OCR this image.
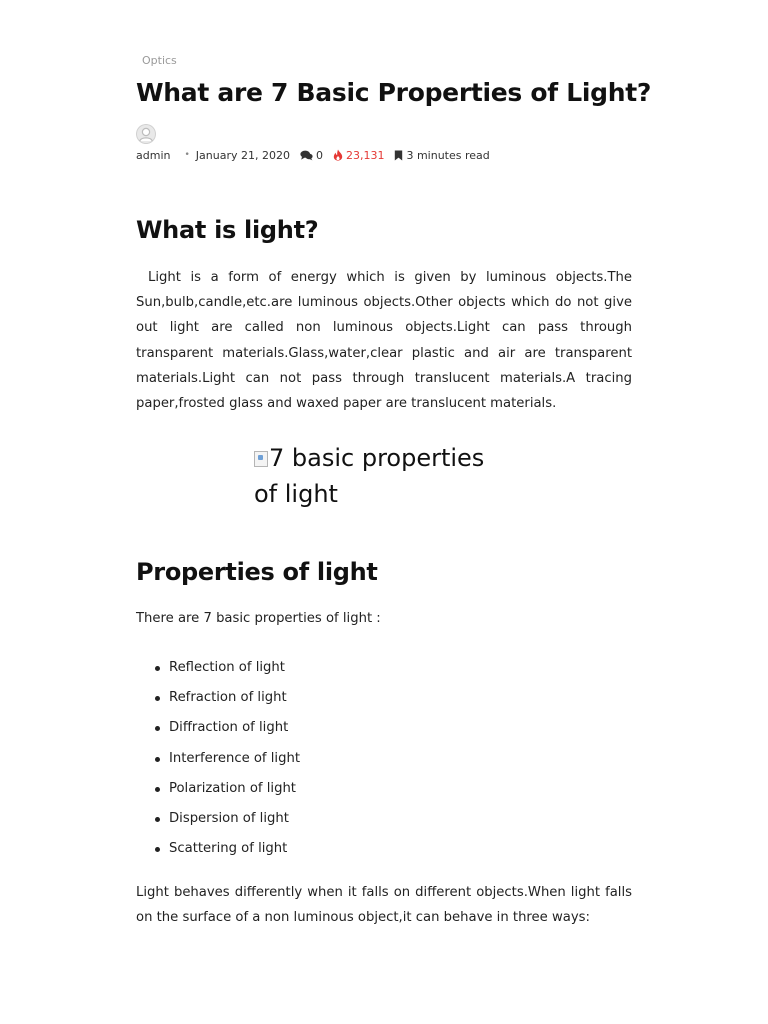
Optics
What are 7 Basic Properties of Light?
admin • January 21, 2020 0 23,131 3 minutes read
What is light?

Light is a form of energy which is given by luminous objects.The Sun,bulb,candle,etc.are luminous objects.Other objects which do not give out light are called non luminous objects.Light can pass through transparent materials.Glass,water,clear plastic and air are transparent materials.Light can not pass through translucent materials.A tracing paper,frosted glass and waxed paper are translucent materials.

7 basic properties of light
Properties of light

There are 7 basic properties of light :

Reflection of light
Refraction of light
Diffraction of light
Interference of light
Polarization of light
Dispersion of light
Scattering of light

Light behaves differently when it falls on different objects.When light falls on the surface of a non luminous object,it can behave in three ways:
